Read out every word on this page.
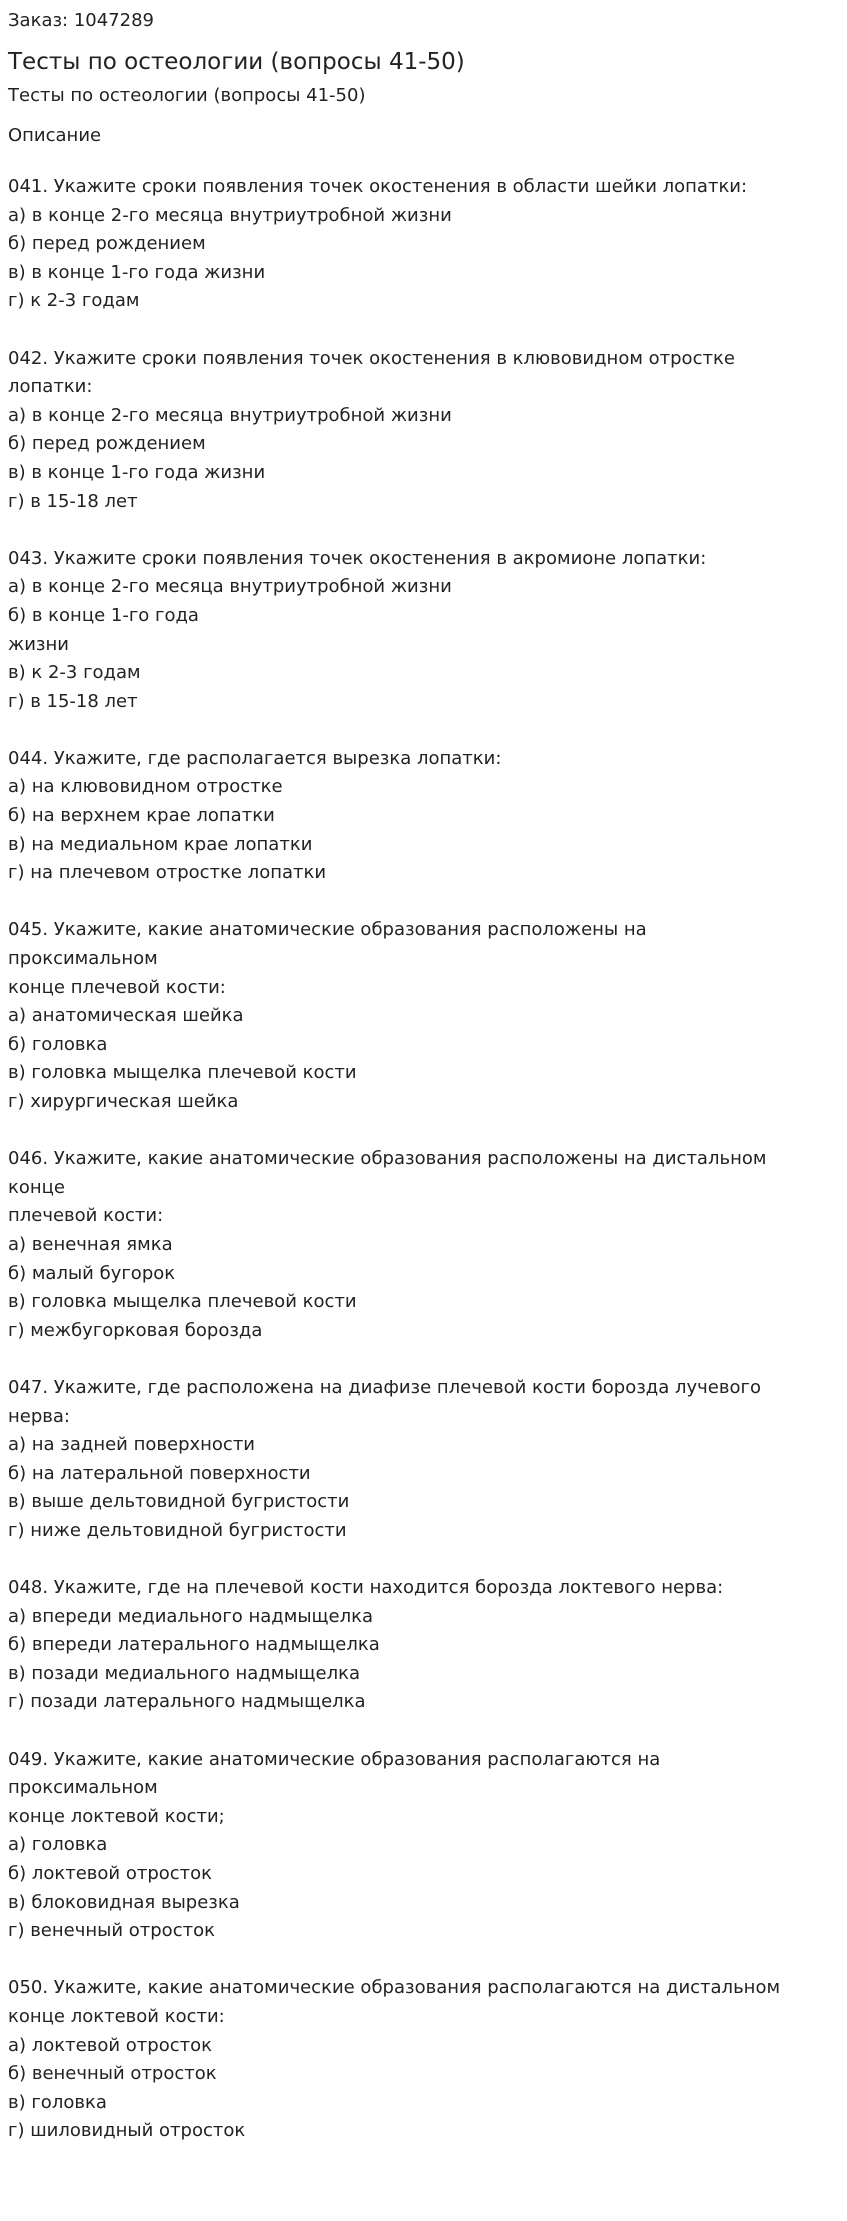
Заказ: 1047289
Тесты по остеологии (вопросы 41-50)
Тесты по остеологии (вопросы 41-50)
Описание
041. Укажите сроки появления точек окостенения в области шейки лопатки:
а) в конце 2-го месяца внутриутробной жизни
б) перед рождением
в) в конце 1-го года жизни
г) к 2-3 годам
042. Укажите сроки появления точек окостенения в клювовидном отростке
лопатки:
а) в конце 2-го месяца внутриутробной жизни
б) перед рождением
в) в конце 1-го года жизни
г) в 15-18 лет
043. Укажите сроки появления точек окостенения в акромионе лопатки:
а) в конце 2-го месяца внутриутробной жизни
б) в конце 1-го года
жизни
в) к 2-3 годам
г) в 15-18 лет
044. Укажите, где располагается вырезка лопатки:
а) на клювовидном отростке
б) на верхнем крае лопатки
в) на медиальном крае лопатки
г) на плечевом отростке лопатки
045. Укажите, какие анатомические образования расположены на
проксимальном
конце плечевой кости:
а) анатомическая шейка
б) головка
в) головка мыщелка плечевой кости
г) хирургическая шейка
046. Укажите, какие анатомические образования расположены на дистальном
конце
плечевой кости:
а) венечная ямка
б) малый бугорок
в) головка мыщелка плечевой кости
г) межбугорковая борозда
047. Укажите, где расположена на диафизе плечевой кости борозда лучевого
нерва:
а) на задней поверхности
б) на латеральной поверхности
в) выше дельтовидной бугристости
г) ниже дельтовидной бугристости
048. Укажите, где на плечевой кости находится борозда локтевого нерва:
а) впереди медиального надмыщелка
б) впереди латерального надмыщелка
в) позади медиального надмыщелка
г) позади латерального надмыщелка
049. Укажите, какие анатомические образования располагаются на
проксимальном
конце локтевой кости;
а) головка
б) локтевой отросток
в) блоковидная вырезка
г) венечный отросток
050. Укажите, какие анатомические образования располагаются на дистальном
конце локтевой кости:
а) локтевой отросток
б) венечный отросток
в) головка
г) шиловидный отросток
